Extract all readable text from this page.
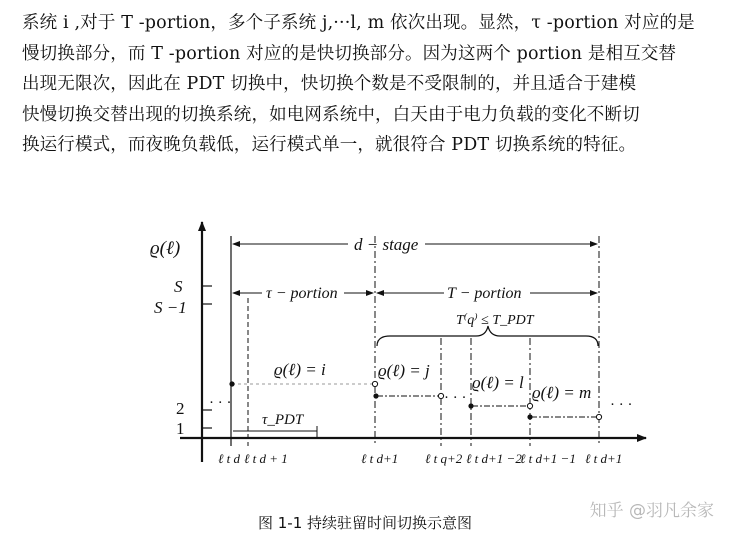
系统 i ,对于 T -portion，多个子系统 j,···l, m 依次出现。显然，τ -portion 对应的是
慢切换部分，而 T -portion 对应的是快切换部分。因为这两个 portion 是相互交替
出现无限次，因此在 PDT 切换中，快切换个数是不受限制的，并且适合于建模
快慢切换交替出现的切换系统，如电网系统中，白天由于电力负载的变化不断切
换运行模式，而夜晚负载低，运行模式单一，就很符合 PDT 切换系统的特征。
ϱ(ℓ)
S
S −1
2
1
d − stage
τ − portion	T − portion
T⁽q⁾ ≤ T_PDT
ϱ(ℓ) = i	ϱ(ℓ) = j
ϱ(ℓ) = l
ϱ(ℓ) = m
· · ·	· · ·	· · ·
τ_PDT
ℓ t d ℓ t d + 1	ℓ t d+1 ℓ t q+2 ℓ t d+1 −2
ℓ t d+1 −1 ℓ t d+1
知乎 @羽凡余家
图 1-1 持续驻留时间切换示意图
